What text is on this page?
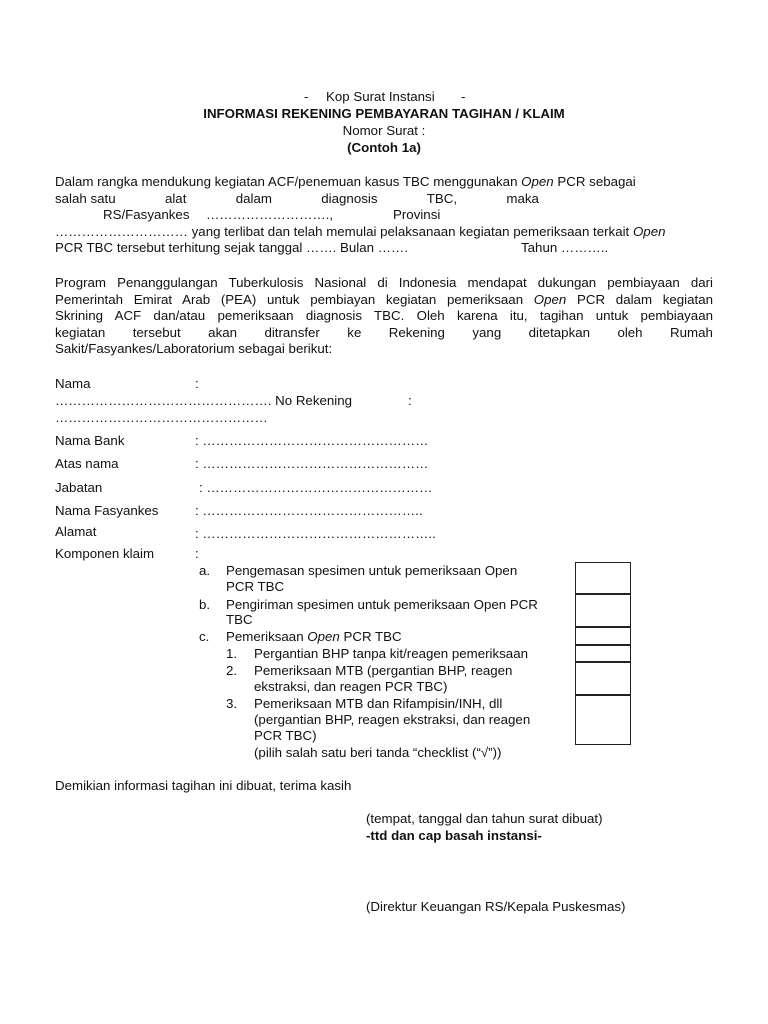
- Kop Surat Instansi -
INFORMASI REKENING PEMBAYARAN TAGIHAN / KLAIM
Nomor Surat :
(Contoh 1a)
Dalam rangka mendukung kegiatan ACF/penemuan kasus TBC menggunakan Open PCR sebagai
salah satu	alat	dalam	diagnosis	TBC,	maka
RS/Fasyankes ……………………….,	Provinsi
………………………… yang terlibat dan telah memulai pelaksanaan kegiatan pemeriksaan terkait Open
PCR TBC tersebut terhitung sejak tanggal ……. Bulan …….	Tahun ………..
Program Penanggulangan Tuberkulosis Nasional di Indonesia mendapat dukungan pembiayaan dari
Pemerintah Emirat Arab (PEA) untuk pembiayan kegiatan pemeriksaan Open PCR dalam kegiatan
Skrining ACF dan/atau pemeriksaan diagnosis TBC. Oleh karena itu, tagihan untuk pembiayaan
kegiatan tersebut akan ditransfer ke Rekening yang ditetapkan oleh Rumah
Sakit/Fasyankes/Laboratorium sebagai berikut:
Nama	:
…………………………………………. No Rekening	:
…………………………………………
Nama Bank	: ……………………………………………
Atas nama	: ……………………………………………
Jabatan	: ……………………………………………
Nama Fasyankes	: …………………………………………..
Alamat	: ……………………………………………..
Komponen klaim	:
a. Pengemasan spesimen untuk pemeriksaan Open
PCR TBC
b. Pengiriman spesimen untuk pemeriksaan Open PCR
TBC
c. Pemeriksaan Open PCR TBC
1. Pergantian BHP tanpa kit/reagen pemeriksaan
2. Pemeriksaan MTB (pergantian BHP, reagen
ekstraksi, dan reagen PCR TBC)
3. Pemeriksaan MTB dan Rifampisin/INH, dll
(pergantian BHP, reagen ekstraksi, dan reagen
PCR TBC)
(pilih salah satu beri tanda “checklist (“√”))
Demikian informasi tagihan ini dibuat, terima kasih
(tempat, tanggal dan tahun surat dibuat)
-ttd dan cap basah instansi-
(Direktur Keuangan RS/Kepala Puskesmas)
